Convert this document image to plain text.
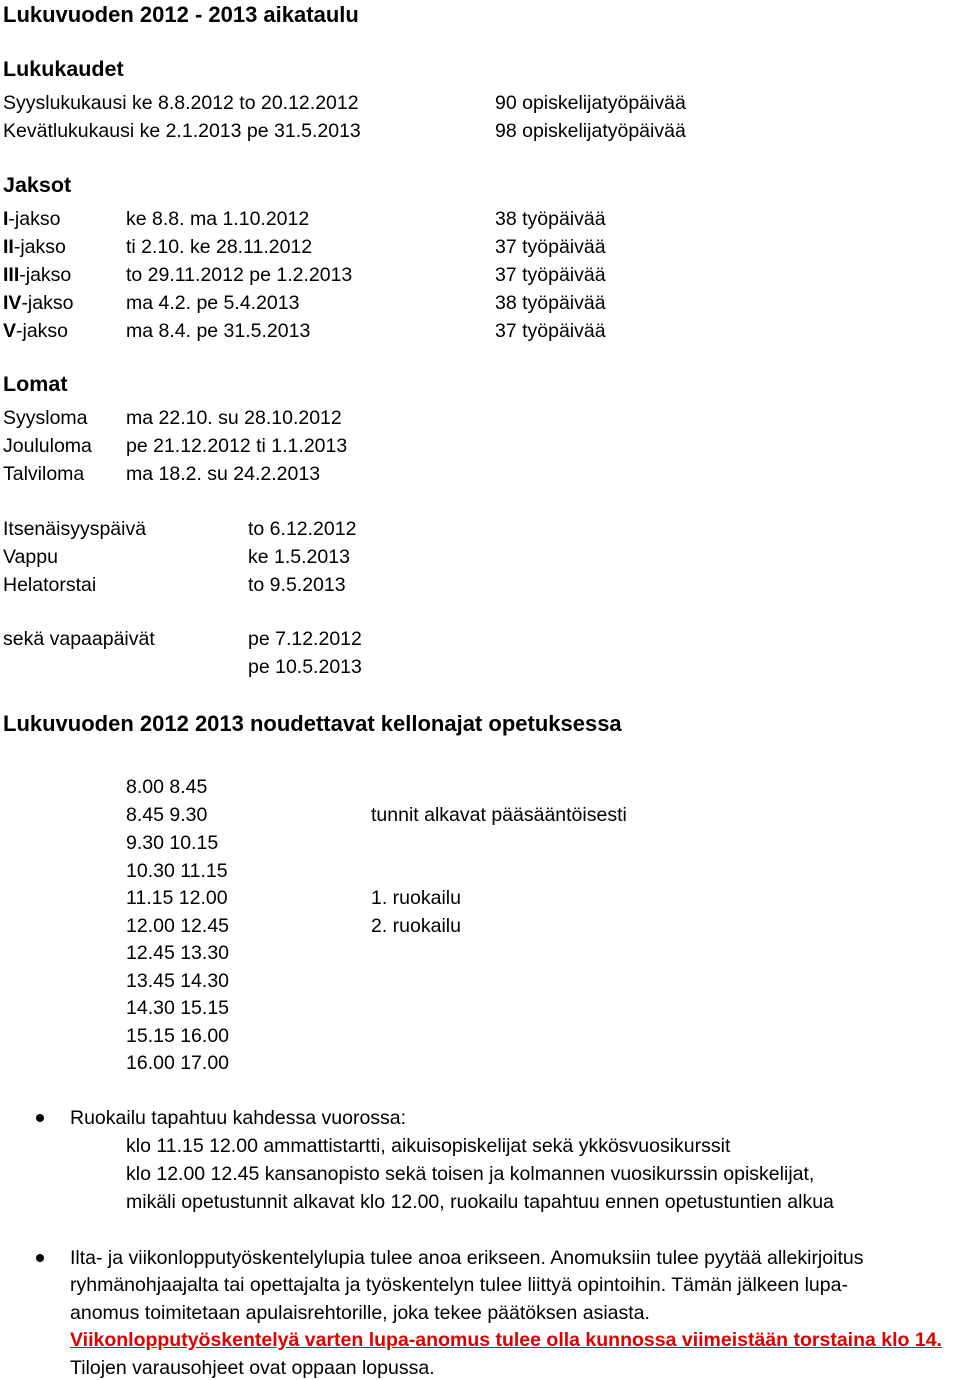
Lukuvuoden 2012 - 2013 aikataulu
Lukukaudet
Syyslukukausi ke 8.8.2012 to 20.12.2012	90 opiskelijatyöpäivää
Kevätlukukausi ke 2.1.2013 pe 31.5.2013	98 opiskelijatyöpäivää
Jaksot
I-jakso	ke 8.8. ma 1.10.2012	38 työpäivää
II-jakso	ti 2.10. ke 28.11.2012	37 työpäivää
III-jakso	to 29.11.2012 pe 1.2.2013	37 työpäivää
IV-jakso	ma 4.2. pe 5.4.2013	38 työpäivää
V-jakso	ma 8.4. pe 31.5.2013	37 työpäivää
Lomat
Syysloma ma 22.10. su 28.10.2012
Joululoma pe 21.12.2012 ti 1.1.2013
Talviloma ma 18.2. su 24.2.2013
Itsenäisyyspäivä	to 6.12.2012
Vappu	ke 1.5.2013
Helatorstai	to 9.5.2013
sekä vapaapäivät	pe 7.12.2012
pe 10.5.2013
Lukuvuoden 2012 2013 noudettavat kellonajat opetuksessa
8.00 8.45
8.45 9.30	tunnit alkavat pääsääntöisesti
9.30 10.15
10.30 11.15
11.15 12.00	1. ruokailu
12.00 12.45	2. ruokailu
12.45 13.30
13.45 14.30
14.30 15.15
15.15 16.00
16.00 17.00
Ruokailu tapahtuu kahdessa vuorossa:
klo 11.15 12.00 ammattistartti, aikuisopiskelijat sekä ykkösvuosikurssit
klo 12.00 12.45 kansanopisto sekä toisen ja kolmannen vuosikurssin opiskelijat,
mikäli opetustunnit alkavat klo 12.00, ruokailu tapahtuu ennen opetustuntien alkua
Ilta- ja viikonlopputyöskentelylupia tulee anoa erikseen. Anomuksiin tulee pyytää allekirjoitus
ryhmänohjaajalta tai opettajalta ja työskentelyn tulee liittyä opintoihin. Tämän jälkeen lupa-
anomus toimitetaan apulaisrehtorille, joka tekee päätöksen asiasta.
Viikonlopputyöskentelyä varten lupa-anomus tulee olla kunnossa viimeistään torstaina klo 14.
Tilojen varausohjeet ovat oppaan lopussa.
